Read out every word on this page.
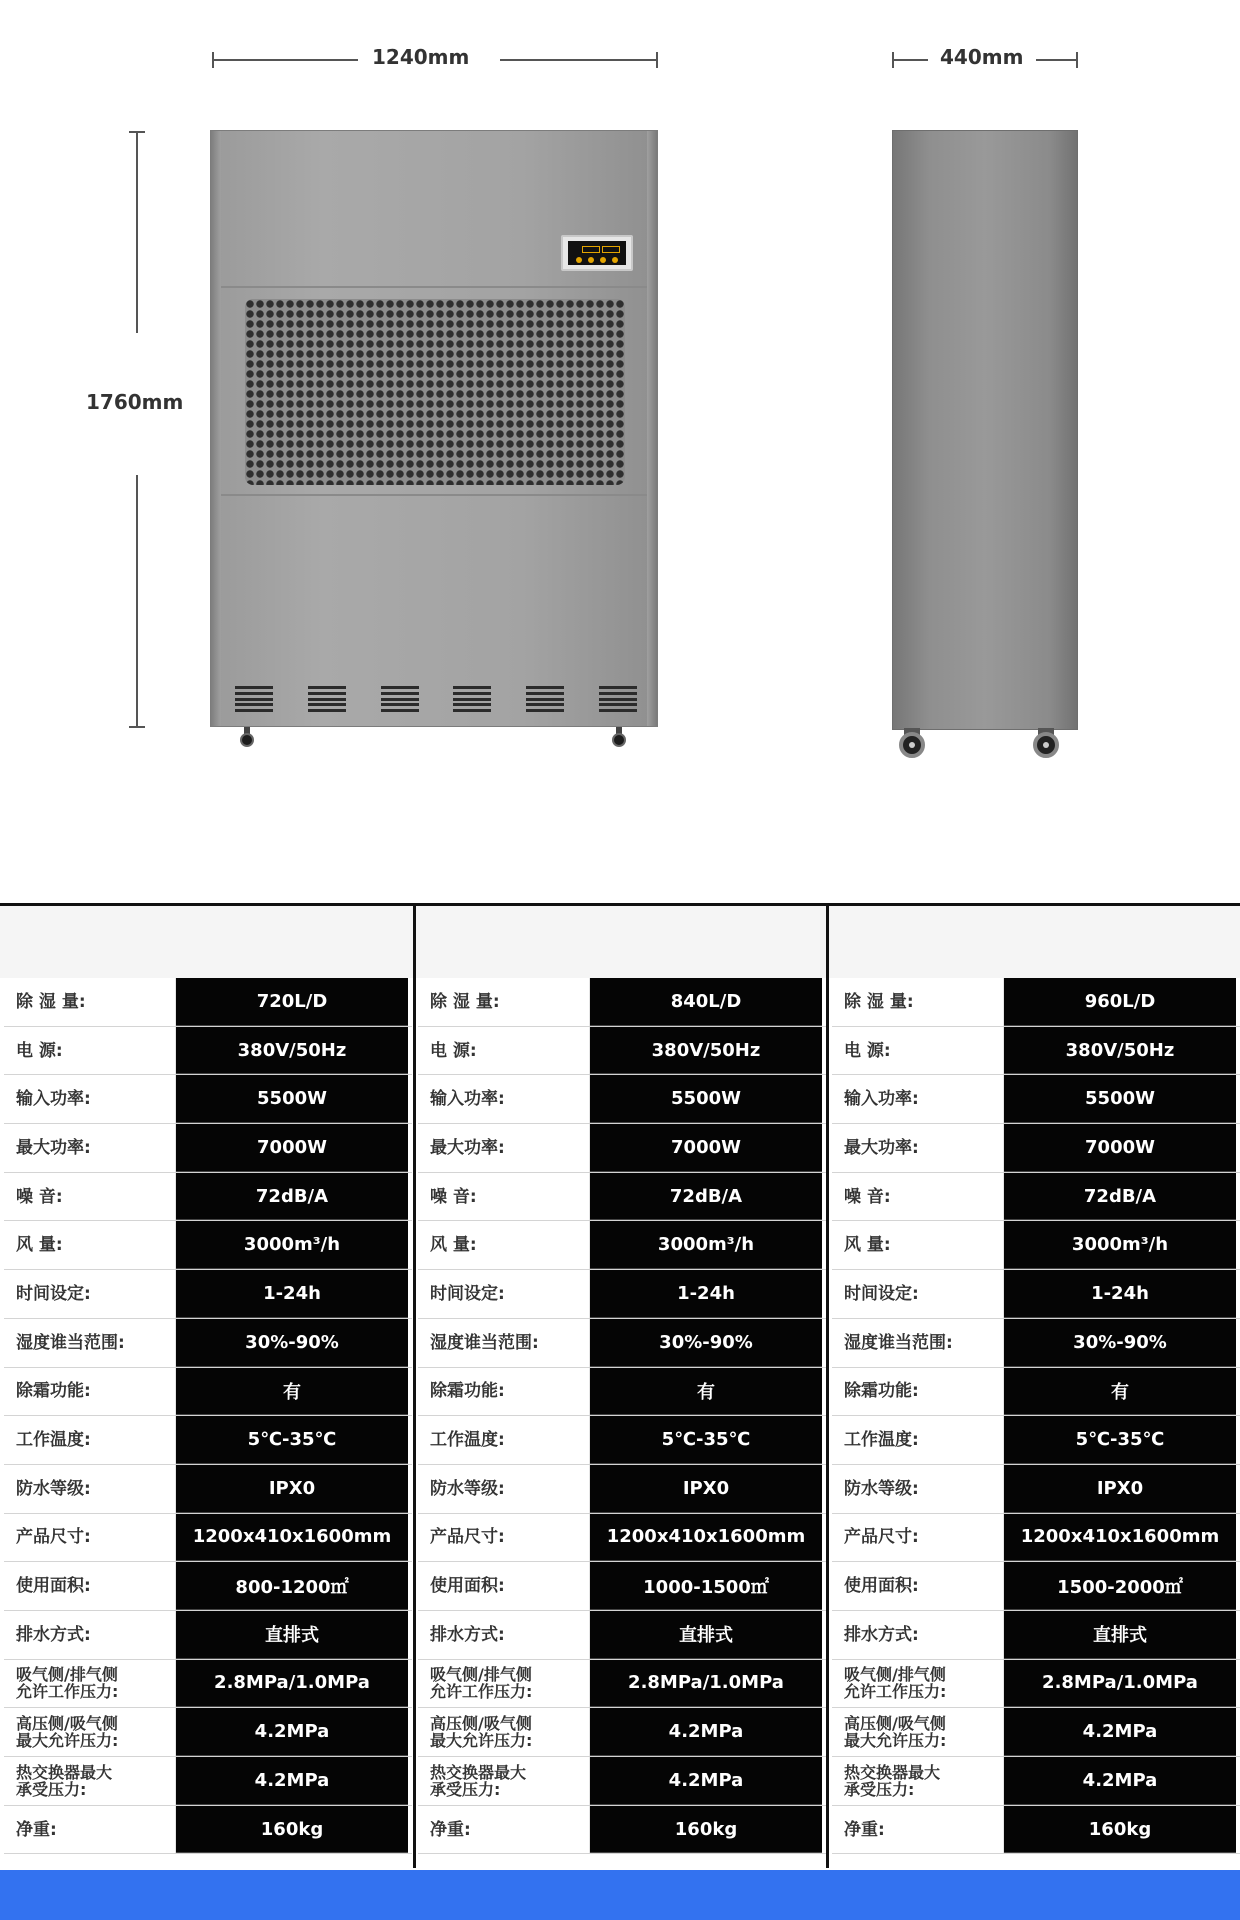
1240mm	440mm
1760mm
除 湿 量:	720L/D
电 源:	380V/50Hz
输入功率:	5500W
最大功率:	7000W
噪 音:	72dB/A
风 量:	3000m³/h
时间设定:	1-24h
湿度谁当范围:	30%-90%
除霜功能:	有
工作温度:	5℃-35℃
防水等级:	IPX0
产品尺寸:	1200x410x1600mm
使用面积:	800-1200㎡
排水方式:	直排式
吸气侧/排气侧
允许工作压力:	2.8MPa/1.0MPa
高压侧/吸气侧
最大允许压力:	4.2MPa
热交换器最大
承受压力:	4.2MPa
净重:	160kg
除 湿 量:	840L/D
电 源:	380V/50Hz
输入功率:	5500W
最大功率:	7000W
噪 音:	72dB/A
风 量:	3000m³/h
时间设定:	1-24h
湿度谁当范围:	30%-90%
除霜功能:	有
工作温度:	5℃-35℃
防水等级:	IPX0
产品尺寸:	1200x410x1600mm
使用面积:	1000-1500㎡
排水方式:	直排式
吸气侧/排气侧
允许工作压力:	2.8MPa/1.0MPa
高压侧/吸气侧
最大允许压力:	4.2MPa
热交换器最大
承受压力:	4.2MPa
净重:	160kg
除 湿 量:	960L/D
电 源:	380V/50Hz
输入功率:	5500W
最大功率:	7000W
噪 音:	72dB/A
风 量:	3000m³/h
时间设定:	1-24h
湿度谁当范围:	30%-90%
除霜功能:	有
工作温度:	5℃-35℃
防水等级:	IPX0
产品尺寸:	1200x410x1600mm
使用面积:	1500-2000㎡
排水方式:	直排式
吸气侧/排气侧
允许工作压力:	2.8MPa/1.0MPa
高压侧/吸气侧
最大允许压力:	4.2MPa
热交换器最大
承受压力:	4.2MPa
净重:	160kg
